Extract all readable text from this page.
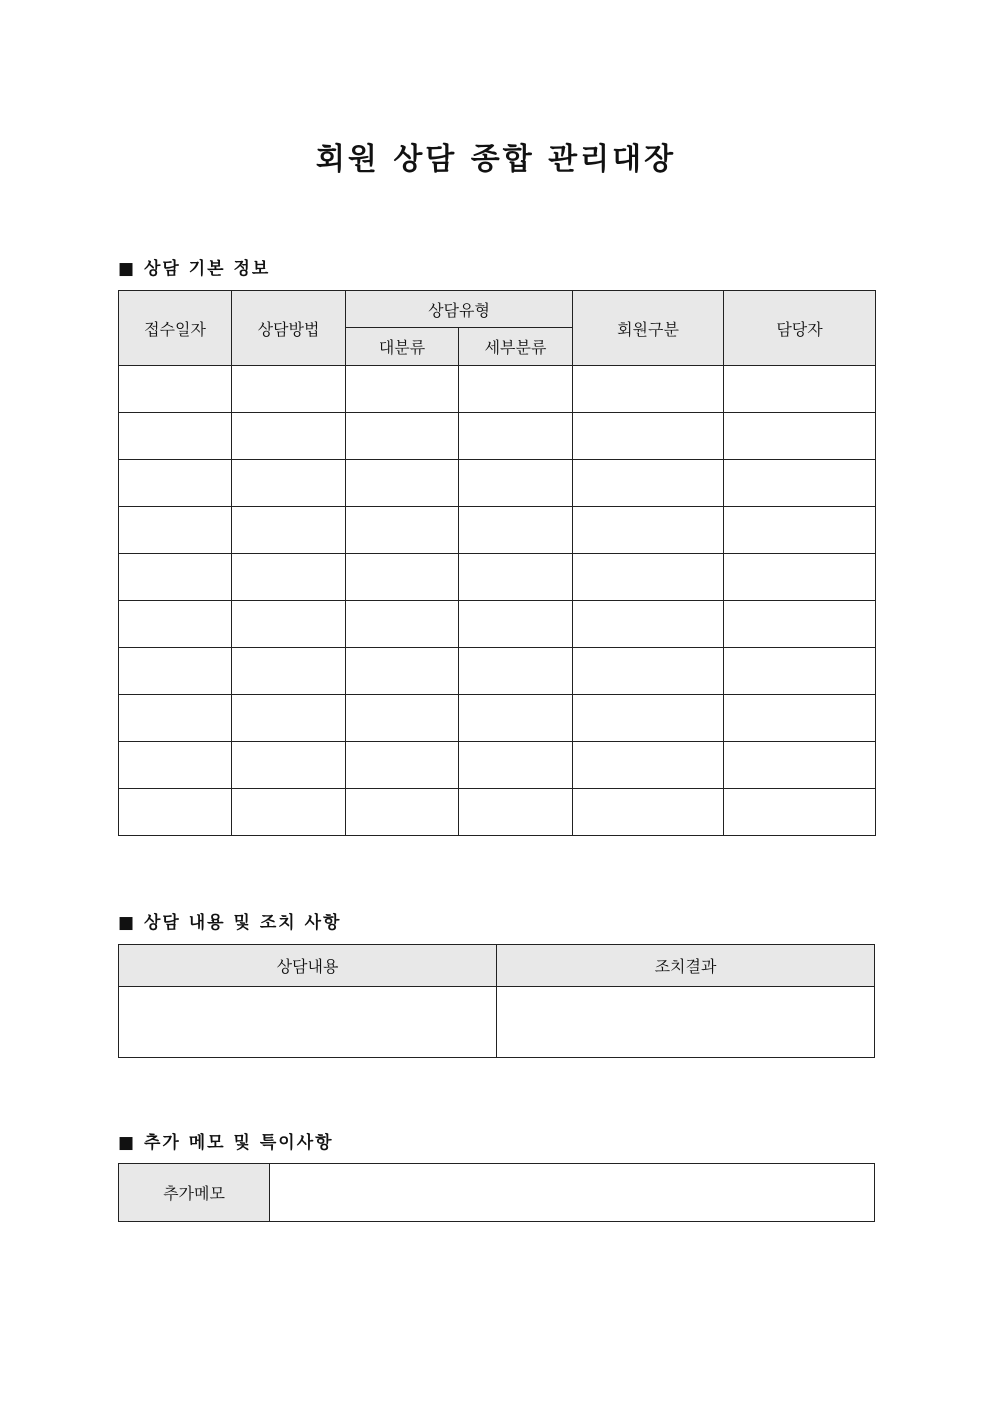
회원 상담 종합 관리대장
■ 상담 기본 정보
접수일자	상담방법	상담유형		회원구분	담당자
		대분류	세부분류		

■ 상담 내용 및 조치 사항
상담내용	조치결과

■ 추가 메모 및 특이사항
추가메모	
